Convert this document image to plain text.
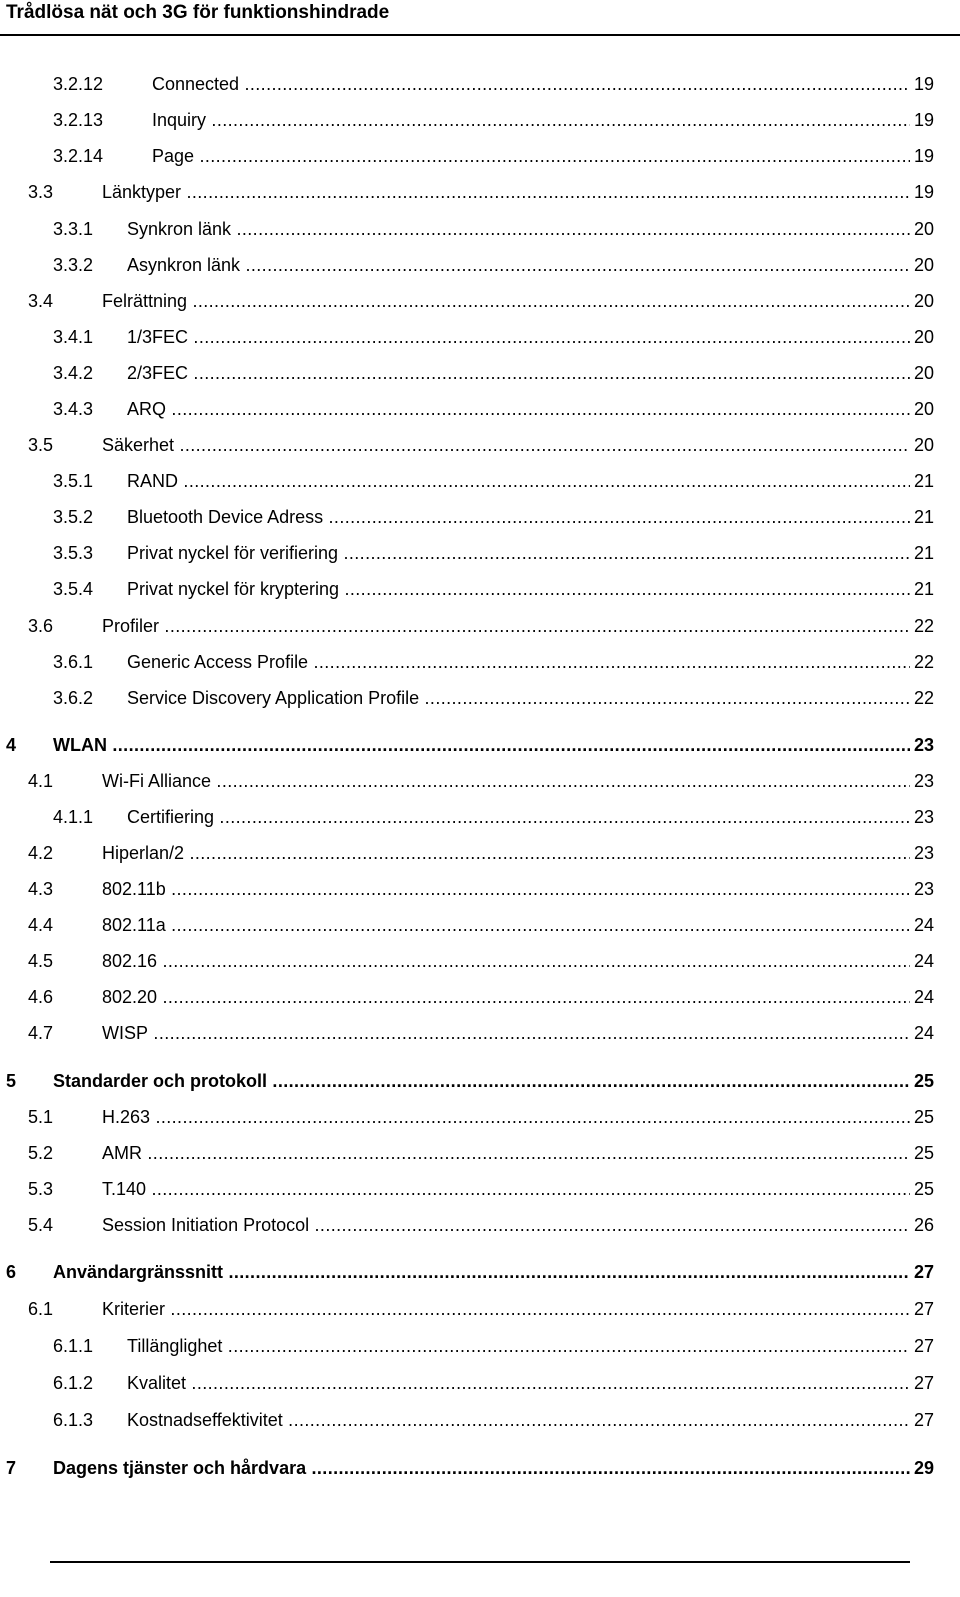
Trådlösa nät och 3G för funktionshindrade
3.2.12	Connected .....	19
3.2.13	Inquiry .....	19
3.2.14	Page .....	19
3.3	Länktyper .....	19
3.3.1 Synkron länk .....	20
3.3.2 Asynkron länk .....	20
3.4	Felrättning .....	20
3.4.1 1/3FEC .....	20
3.4.2 2/3FEC .....	20
3.4.3 ARQ .....	20
3.5	Säkerhet .....	20
3.5.1 RAND .....	21
3.5.2 Bluetooth Device Adress .....	21
3.5.3 Privat nyckel för verifiering .....	21
3.5.4 Privat nyckel för kryptering .....	21
3.6	Profiler .....	22
3.6.1 Generic Access Profile .....	22
3.6.2 Service Discovery Application Profile .....	22
4 WLAN .....	23
4.1	Wi-Fi Alliance .....	23
4.1.1 Certifiering .....	23
4.2	Hiperlan/2 .....	23
4.3	802.11b .....	23
4.4	802.11a .....	24
4.5	802.16 .....	24
4.6	802.20 .....	24
4.7	WISP .....	24
5 Standarder och protokoll .....	25
5.1	H.263 .....	25
5.2	AMR .....	25
5.3	T.140 .....	25
5.4	Session Initiation Protocol .....	26
6 Användargränssnitt .....	27
6.1	Kriterier .....	27
6.1.1 Tillänglighet .....	27
6.1.2 Kvalitet .....	27
6.1.3 Kostnadseffektivitet .....	27
7 Dagens tjänster och hårdvara .....	29
